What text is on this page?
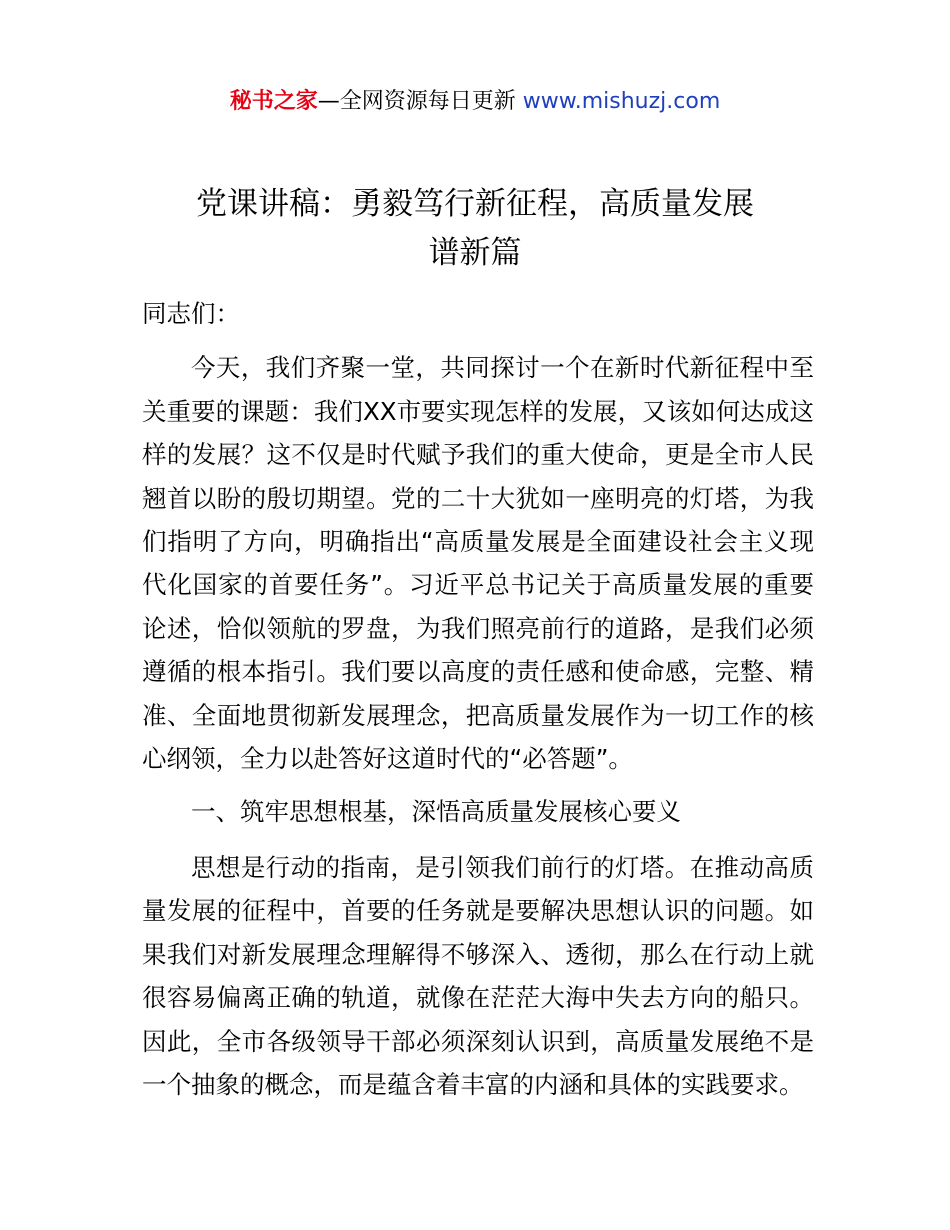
秘书之家—全网资源每日更新 www.mishuzj.com
党课讲稿：勇毅笃行新征程，高质量发展
谱新篇

同志们：

今天，我们齐聚一堂，共同探讨一个在新时代新征程中至关重要的课题：我们XX市要实现怎样的发展，又该如何达成这样的发展？这不仅是时代赋予我们的重大使命，更是全市人民翘首以盼的殷切期望。党的二十大犹如一座明亮的灯塔，为我们指明了方向，明确指出“高质量发展是全面建设社会主义现代化国家的首要任务”。习近平总书记关于高质量发展的重要论述，恰似领航的罗盘，为我们照亮前行的道路，是我们必须遵循的根本指引。我们要以高度的责任感和使命感，完整、精准、全面地贯彻新发展理念，把高质量发展作为一切工作的核心纲领，全力以赴答好这道时代的“必答题”。

一、筑牢思想根基，深悟高质量发展核心要义

思想是行动的指南，是引领我们前行的灯塔。在推动高质量发展的征程中，首要的任务就是要解决思想认识的问题。如果我们对新发展理念理解得不够深入、透彻，那么在行动上就很容易偏离正确的轨道，就像在茫茫大海中失去方向的船只。因此，全市各级领导干部必须深刻认识到，高质量发展绝不是一个抽象的概念，而是蕴含着丰富的内涵和具体的实践要求。
